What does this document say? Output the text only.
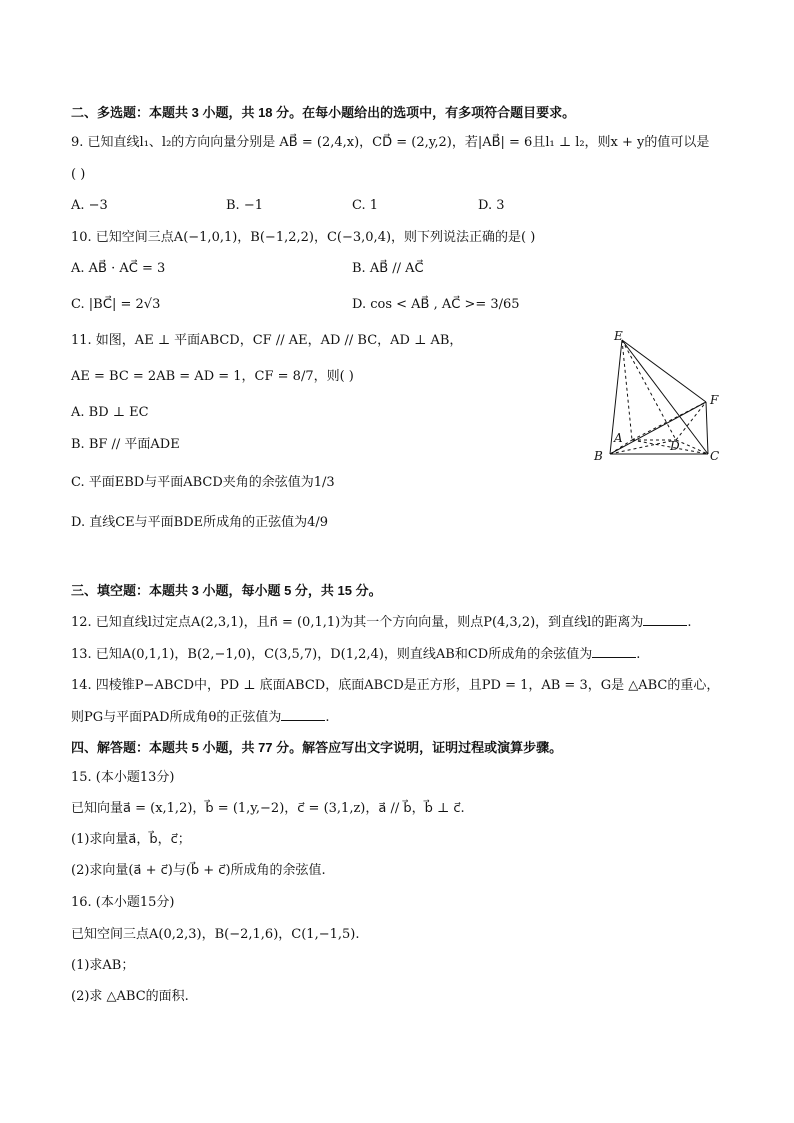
二、多选题：本题共 3 小题，共 18 分。在每小题给出的选项中，有多项符合题目要求。
9. 已知直线l₁、l₂的方向向量分别是 AB⃗ = (2,4,x)，CD⃗ = (2,y,2)，若|AB⃗| = 6且l₁ ⊥ l₂，则x + y的值可以是
( )
A. −3	B. −1	C. 1	D. 3
10. 已知空间三点A(−1,0,1)，B(−1,2,2)，C(−3,0,4)，则下列说法正确的是( )
A. AB⃗ · AC⃗ = 3	B. AB⃗ // AC⃗
C. |BC⃗| = 2√3	D. cos < AB⃗ , AC⃗ >= 3/65
11. 如图，AE ⊥ 平面ABCD，CF // AE，AD // BC，AD ⊥ AB，
AE = BC = 2AB = AD = 1，CF = 8/7，则( )
A. BD ⊥ EC
B. BF // 平面ADE
C. 平面EBD与平面ABCD夹角的余弦值为1/3
D. 直线CE与平面BDE所成角的正弦值为4/9
E
F
A
B	C
D
三、填空题：本题共 3 小题，每小题 5 分，共 15 分。
12. 已知直线l过定点A(2,3,1)，且n⃗ = (0,1,1)为其一个方向向量，则点P(4,3,2)，到直线l的距离为	.
13. 已知A(0,1,1)，B(2,−1,0)，C(3,5,7)，D(1,2,4)，则直线AB和CD所成角的余弦值为	.
14. 四棱锥P−ABCD中，PD ⊥ 底面ABCD，底面ABCD是正方形，且PD = 1，AB = 3，G是 △ABC的重心，
则PG与平面PAD所成角θ的正弦值为	.
四、解答题：本题共 5 小题，共 77 分。解答应写出文字说明，证明过程或演算步骤。
15. (本小题13分)
已知向量a⃗ = (x,1,2)，b⃗ = (1,y,−2)，c⃗ = (3,1,z)，a⃗ // b⃗，b⃗ ⊥ c⃗.
(1)求向量a⃗，b⃗，c⃗；
(2)求向量(a⃗ + c⃗)与(b⃗ + c⃗)所成角的余弦值.
16. (本小题15分)
已知空间三点A(0,2,3)，B(−2,1,6)，C(1,−1,5).
(1)求AB；
(2)求 △ABC的面积.
